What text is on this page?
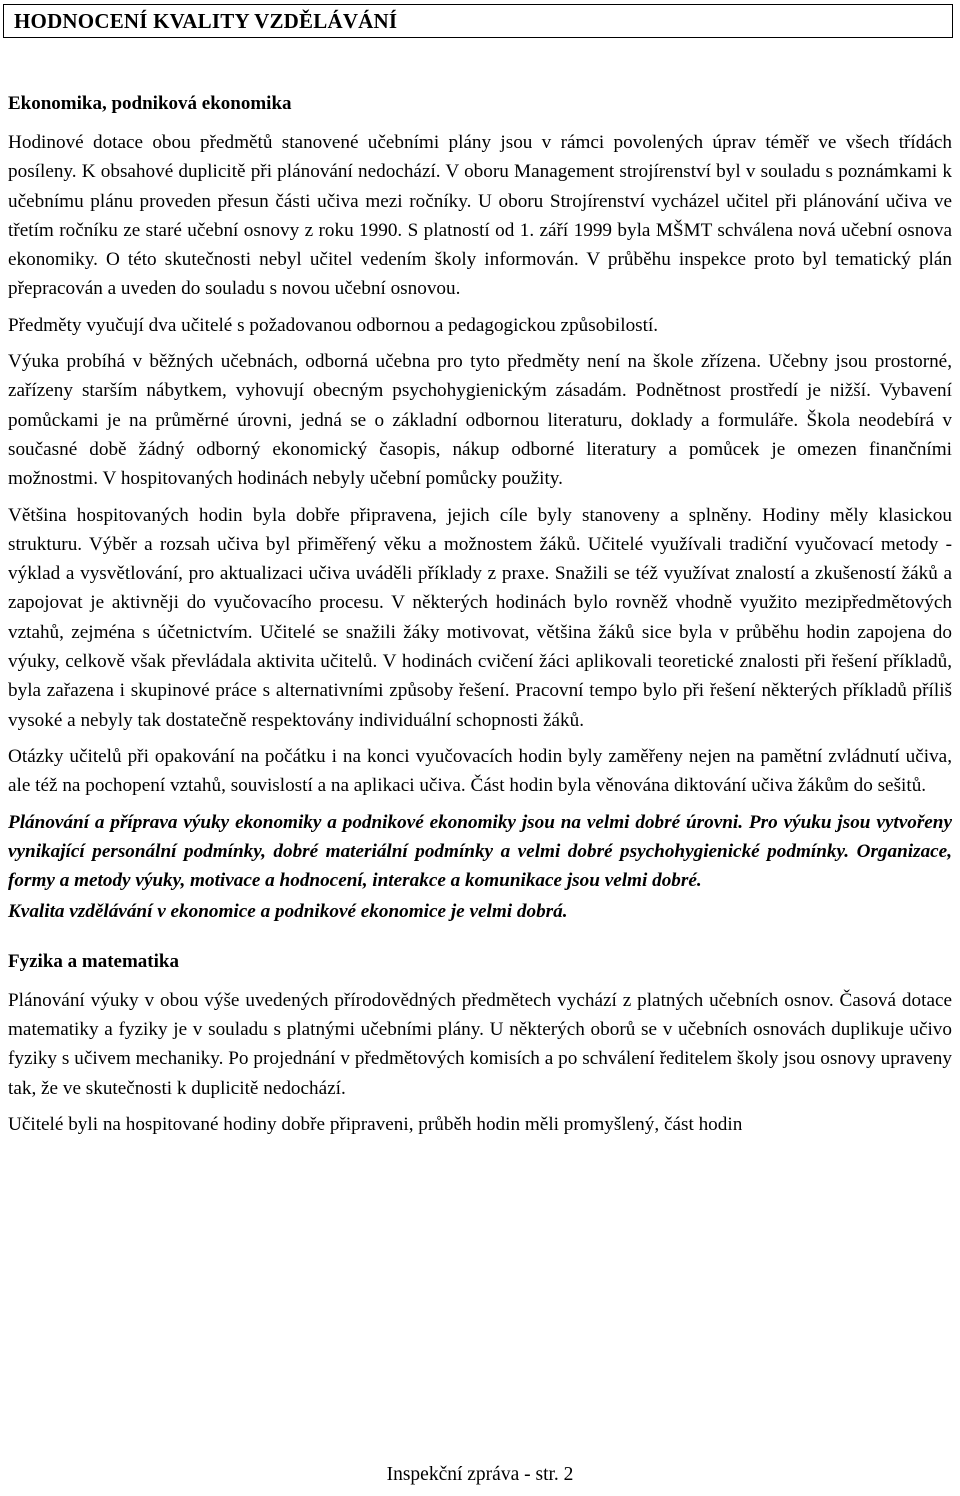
HODNOCENÍ KVALITY VZDĚLÁVÁNÍ
Ekonomika, podniková ekonomika

Hodinové dotace obou předmětů stanovené učebními plány jsou v rámci povolených úprav téměř ve všech třídách posíleny. K obsahové duplicitě při plánování nedochází. V oboru Management strojírenství byl v souladu s poznámkami k učebnímu plánu proveden přesun části učiva mezi ročníky. U oboru Strojírenství vycházel učitel při plánování učiva ve třetím ročníku ze staré učební osnovy z roku 1990. S platností od 1. září 1999 byla MŠMT schválena nová učební osnova ekonomiky. O této skutečnosti nebyl učitel vedením školy informován. V průběhu inspekce proto byl tematický plán přepracován a uveden do souladu s novou učební osnovou.

Předměty vyučují dva učitelé s požadovanou odbornou a pedagogickou způsobilostí.

Výuka probíhá v běžných učebnách, odborná učebna pro tyto předměty není na škole zřízena. Učebny jsou prostorné, zařízeny starším nábytkem, vyhovují obecným psychohygienickým zásadám. Podnětnost prostředí je nižší. Vybavení pomůckami je na průměrné úrovni, jedná se o základní odbornou literaturu, doklady a formuláře. Škola neodebírá v současné době žádný odborný ekonomický časopis, nákup odborné literatury a pomůcek je omezen finančními možnostmi. V hospitovaných hodinách nebyly učební pomůcky použity.

Většina hospitovaných hodin byla dobře připravena, jejich cíle byly stanoveny a splněny. Hodiny měly klasickou strukturu. Výběr a rozsah učiva byl přiměřený věku a možnostem žáků. Učitelé využívali tradiční vyučovací metody - výklad a vysvětlování, pro aktualizaci učiva uváděli příklady z praxe. Snažili se též využívat znalostí a zkušeností žáků a zapojovat je aktivněji do vyučovacího procesu. V některých hodinách bylo rovněž vhodně využito mezipředmětových vztahů, zejména s účetnictvím. Učitelé se snažili žáky motivovat, většina žáků sice byla v průběhu hodin zapojena do výuky, celkově však převládala aktivita učitelů. V hodinách cvičení žáci aplikovali teoretické znalosti při řešení příkladů, byla zařazena i skupinové práce s alternativními způsoby řešení. Pracovní tempo bylo při řešení některých příkladů příliš vysoké a nebyly tak dostatečně respektovány individuální schopnosti žáků.

Otázky učitelů při opakování na počátku i na konci vyučovacích hodin byly zaměřeny nejen na pamětní zvládnutí učiva, ale též na pochopení vztahů, souvislostí a na aplikaci učiva. Část hodin byla věnována diktování učiva žákům do sešitů.

Plánování a příprava výuky ekonomiky a podnikové ekonomiky jsou na velmi dobré úrovni. Pro výuku jsou vytvořeny vynikající personální podmínky, dobré materiální podmínky a velmi dobré psychohygienické podmínky. Organizace, formy a metody výuky, motivace a hodnocení, interakce a komunikace jsou velmi dobré.

Kvalita vzdělávání v ekonomice a podnikové ekonomice je velmi dobrá.

Fyzika a matematika

Plánování výuky v obou výše uvedených přírodovědných předmětech vychází z platných učebních osnov. Časová dotace matematiky a fyziky je v souladu s platnými učebními plány. U některých oborů se v učebních osnovách duplikuje učivo fyziky s učivem mechaniky. Po projednání v předmětových komisích a po schválení ředitelem školy jsou osnovy upraveny tak, že ve skutečnosti k duplicitě nedochází.

Učitelé byli na hospitované hodiny dobře připraveni, průběh hodin měli promyšlený, část hodin

Inspekční zpráva - str. 2
